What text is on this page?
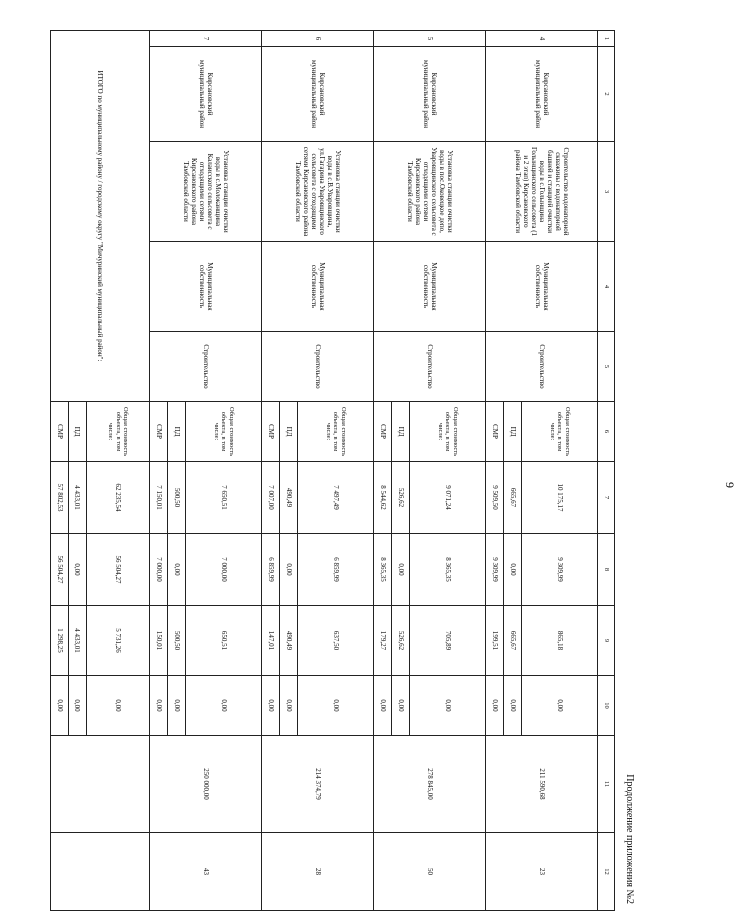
Продолжение приложения №2
9
1	2	3	4	5	6	7	8	9	10	11	12
4	Кирсановский муниципальный район	Строительство водонапорной скважины с водонапорной башней и станцией очистки воды в с.Голынщина Голынщинского сельсовета (1 и 2 этап) Кирсановского района Тамбовской области	Муниципальная собственность	Строительство	Общая стоимость объекта, в том числе:	10 175,17	9 309,99	865,18	0,00	211 590,68	23
					ПД	665,67	0,00	665,67	0,00		
					СМР	9 509,50	9 309,99	199,51	0,00		
5	Кирсановский муниципальный район	Установка станции очистки воды в пос.Оковецкое депо, Уваровщинского сельсовета с отходящими сетями Кирсановского района Тамбовской области	Муниципальная собственность	Строительство	Общая стоимость объекта, в том числе:	9 071,24	8 365,35	705,89	0,00	278 845,00	50
					ПД	526,62	0,00	526,62	0,00		
					СМР	8 544,62	8 365,35	179,27	0,00		
6	Кирсановский муниципальный район	Установка станции очистки воды в с.В.Уваровщина, ул.Гагарина Уваровщинского сельсовета с отходящими сетями Кирсановского района Тамбовской области	Муниципальная собственность	Строительство	Общая стоимость объекта, в том числе:	7 497,49	6 859,99	637,50	0,00	214 374,79	28
					ПД	490,49	0,00	490,49	0,00		
					СМР	7 007,00	6 859,99	147,01	0,00		
7	Кирсановский муниципальный район	Установка станции очистки воды в с.Молоканщина Калаисского сельсовета с отходящими сетями Кирсановского района Тамбовской области	Муниципальная собственность	Строительство	Общая стоимость объекта, в том числе:	7 650,51	7 000,00	650,51	0,00	250 000,00	43
					ПД	500,50	0,00	500,50	0,00		
					СМР	7 150,01	7 000,00	150,01	0,00		
ИТОГО по муниципальному району / городскому округу "Мичуринский муниципальный район":					Общая стоимость объекта, в том числе:	62 235,54	56 504,27	5 731,26	0,00		
					ПД	4 433,01	0,00	4 433,01	0,00		
					СМР	57 802,53	56 504,27	1 298,25	0,00		
